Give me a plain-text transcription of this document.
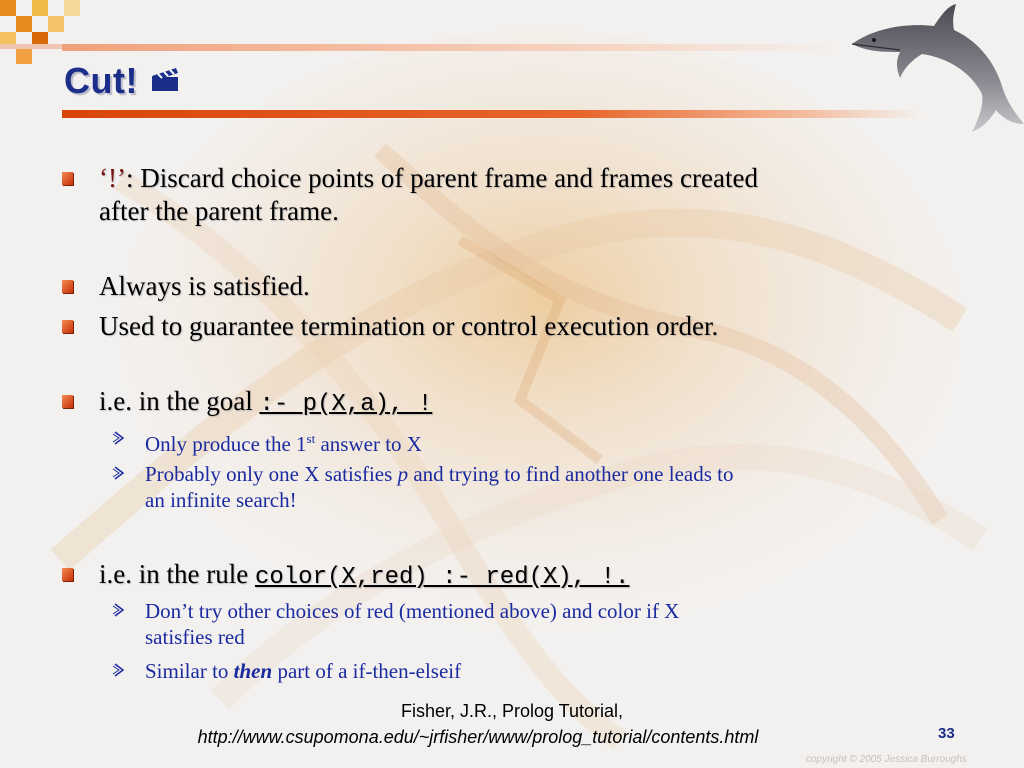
Cut!
‘!’: Discard choice points of parent frame and frames created
after the parent frame.
Always is satisfied.
Used to guarantee termination or control execution order.
i.e. in the goal :- p(X,a), !
Only produce the 1st answer to X
Probably only one X satisfies p and trying to find another one leads to
an infinite search!
i.e. in the rule color(X,red) :- red(X), !.
Don’t try other choices of red (mentioned above) and color if X
satisfies red
Similar to then part of a if-then-elseif
Fisher, J.R., Prolog Tutorial,
http://www.csupomona.edu/~jrfisher/www/prolog_tutorial/contents.html	33
copyright © 2005 Jessica Burroughs
